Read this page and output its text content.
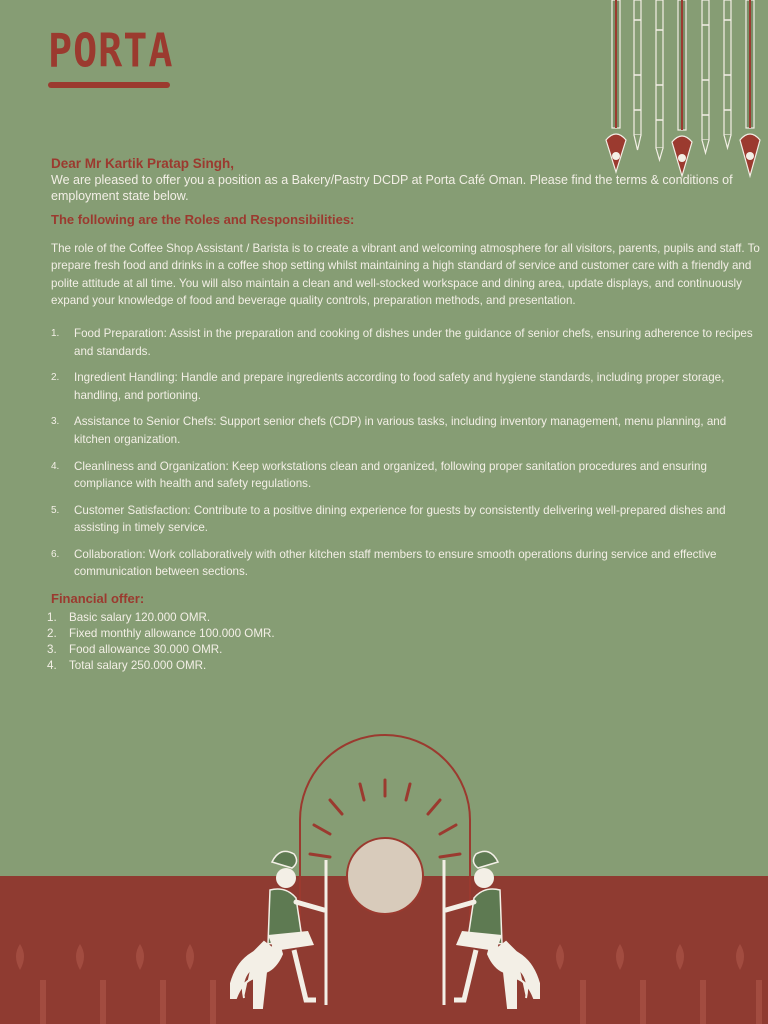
PORTA

Dear Mr Kartik Pratap Singh,

We are pleased to offer you a position as a Bakery/Pastry DCDP at Porta Café Oman. Please find the terms & conditions of employment state below.

The following are the Roles and Responsibilities:

The role of the Coffee Shop Assistant / Barista is to create a vibrant and welcoming atmosphere for all visitors, parents, pupils and staff. To prepare fresh food and drinks in a coffee shop setting whilst maintaining a high standard of service and customer care with a friendly and polite attitude at all time. You will also maintain a clean and well-stocked workspace and dining area, update displays, and continuously expand your knowledge of food and beverage quality controls, preparation methods, and presentation.

1. Food Preparation: Assist in the preparation and cooking of dishes under the guidance of senior chefs, ensuring adherence to recipes and standards.
2. Ingredient Handling: Handle and prepare ingredients according to food safety and hygiene standards, including proper storage, handling, and portioning.
3. Assistance to Senior Chefs: Support senior chefs (CDP) in various tasks, including inventory management, menu planning, and kitchen organization.
4. Cleanliness and Organization: Keep workstations clean and organized, following proper sanitation procedures and ensuring compliance with health and safety regulations.
5. Customer Satisfaction: Contribute to a positive dining experience for guests by consistently delivering well-prepared dishes and assisting in timely service.
6. Collaboration: Work collaboratively with other kitchen staff members to ensure smooth operations during service and effective communication between sections.

Financial offer:

1. Basic salary 120.000 OMR.
2. Fixed monthly allowance 100.000 OMR.
3. Food allowance 30.000 OMR.
4. Total salary 250.000 OMR.
